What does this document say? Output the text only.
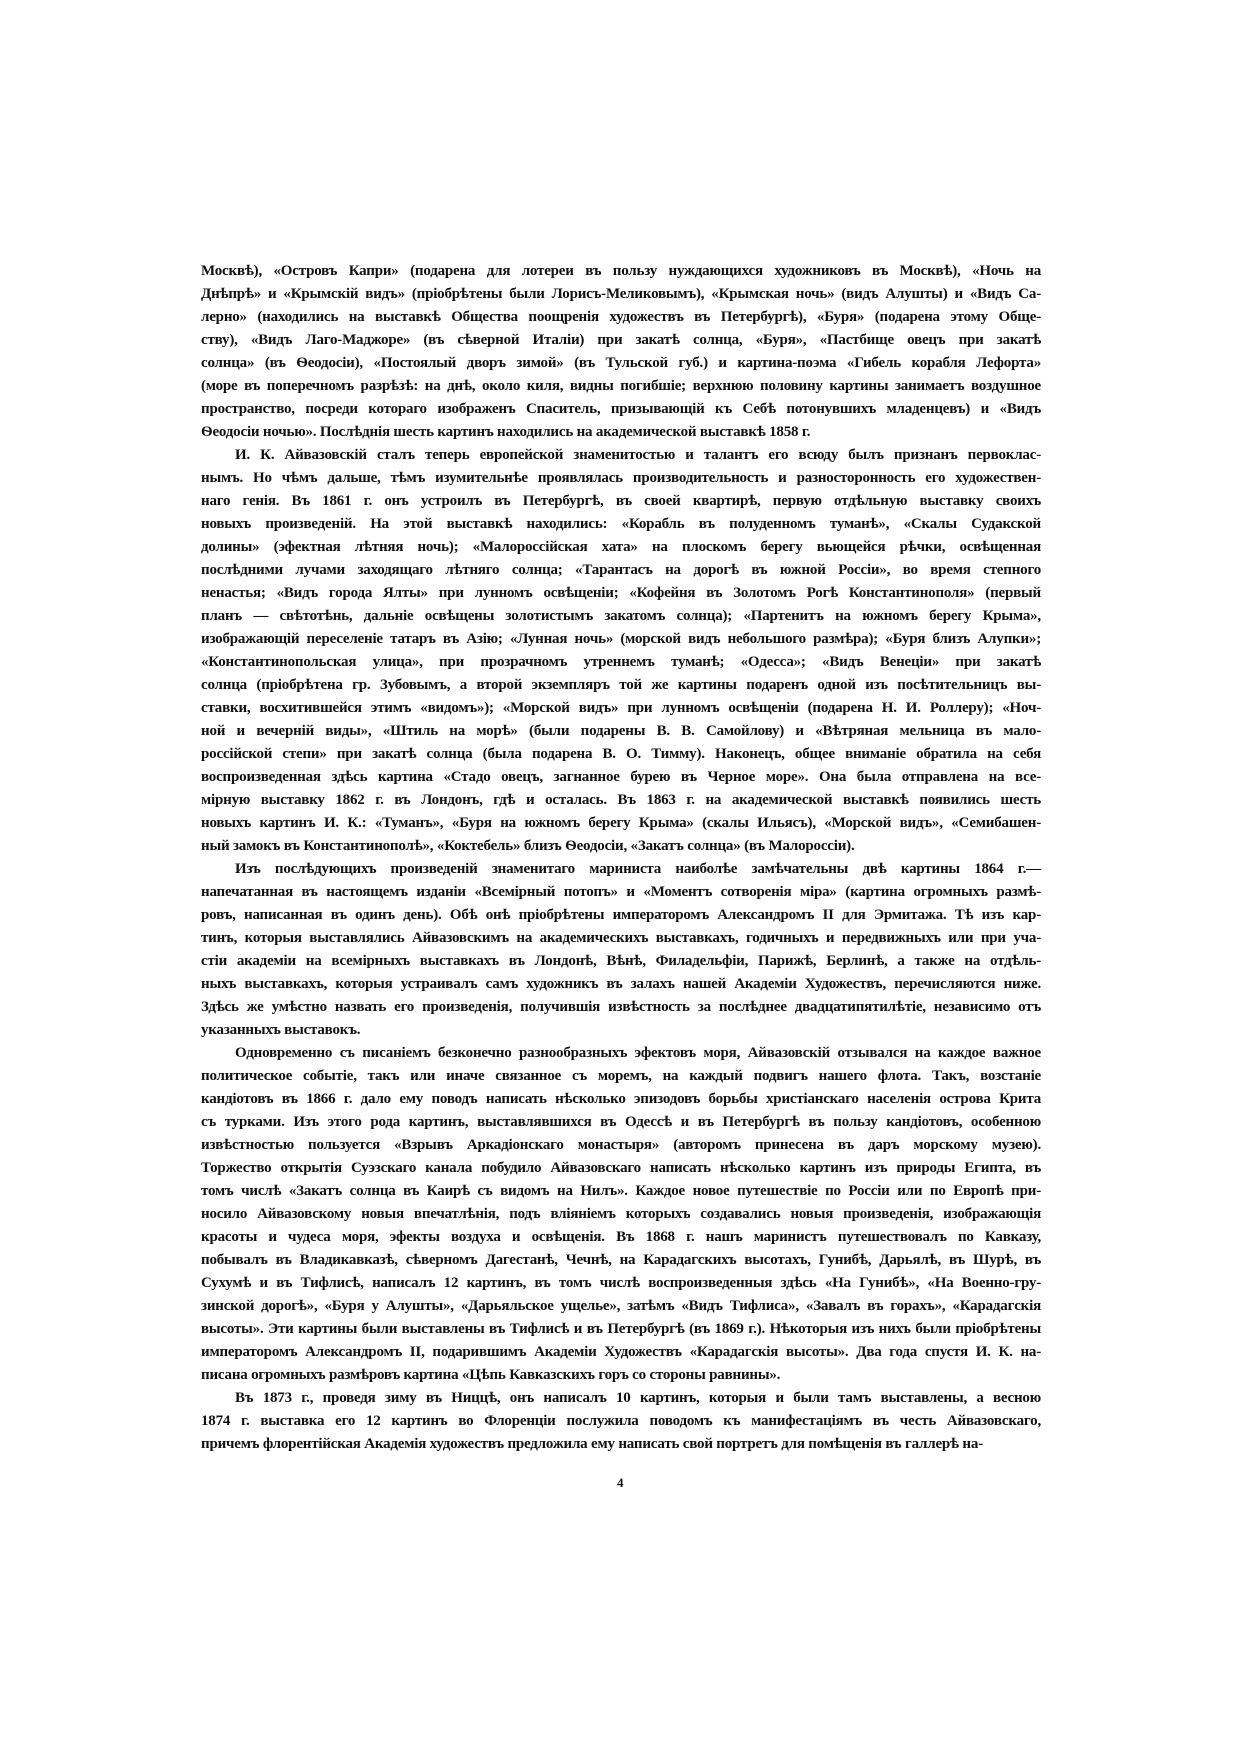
Москвѣ), «Островъ Капри» (подарена для лотереи въ пользу нуждающихся художниковъ въ Москвѣ), «Ночь на
Днѣпрѣ» и «Крымскій видъ» (пріобрѣтены были Лорисъ-Меликовымъ), «Крымская ночь» (видъ Алушты) и «Видъ Са-
лерно» (находились на выставкѣ Общества поощренія художествъ въ Петербургѣ), «Буря» (подарена этому Обще-
ству), «Видъ Лаго-Маджоре» (въ сѣверной Италіи) при закатѣ солнца, «Буря», «Пастбище овецъ при закатѣ
солнца» (въ Ѳеодосіи), «Постоялый дворъ зимой» (въ Тульской губ.) и картина-поэма «Гибель корабля Лефорта»
(море въ поперечномъ разрѣзѣ: на днѣ, около киля, видны погибшіе; верхнюю половину картины занимаетъ воздушное
пространство, посреди котораго изображенъ Спаситель, призывающій къ Себѣ потонувшихъ младенцевъ) и «Видъ
Ѳеодосіи ночью». Послѣднія шесть картинъ находились на академической выставкѣ 1858 г.
И. К. Айвазовскій сталъ теперь европейской знаменитостью и талантъ его всюду былъ признанъ первоклас-
нымъ. Но чѣмъ дальше, тѣмъ изумительнѣе проявлялась производительность и разносторонность его художествен-
наго генія. Въ 1861 г. онъ устроилъ въ Петербургѣ, въ своей квартирѣ, первую отдѣльную выставку своихъ
новыхъ произведеній. На этой выставкѣ находились: «Корабль въ полуденномъ туманѣ», «Скалы Судакской
долины» (эфектная лѣтняя ночь); «Малороссійская хата» на плоскомъ берегу вьющейся рѣчки, освѣщенная
послѣдними лучами заходящаго лѣтняго солнца; «Тарантасъ на дорогѣ въ южной Россіи», во время степного
ненастья; «Видъ города Ялты» при лунномъ освѣщеніи; «Кофейня въ Золотомъ Рогѣ Константинополя» (первый
планъ — свѣтотѣнь, дальніе освѣщены золотистымъ закатомъ солнца); «Партенитъ на южномъ берегу Крыма»,
изображающій переселеніе татаръ въ Азію; «Лунная ночь» (морской видъ небольшого размѣра); «Буря близъ Алупки»;
«Константинопольская улица», при прозрачномъ утреннемъ туманѣ; «Одесса»; «Видъ Венеціи» при закатѣ
солнца (пріобрѣтена гр. Зубовымъ, а второй экземпляръ той же картины подаренъ одной изъ посѣтительницъ вы-
ставки, восхитившейся этимъ «видомъ»); «Морской видъ» при лунномъ освѣщеніи (подарена Н. И. Роллеру); «Ноч-
ной и вечерній виды», «Штиль на морѣ» (были подарены В. В. Самойлову) и «Вѣтряная мельница въ мало-
россійской степи» при закатѣ солнца (была подарена В. О. Тимму). Наконецъ, общее вниманіе обратила на себя
воспроизведенная здѣсь картина «Стадо овецъ, загнанное бурею въ Черное море». Она была отправлена на все-
мірную выставку 1862 г. въ Лондонъ, гдѣ и осталась. Въ 1863 г. на академической выставкѣ появились шесть
новыхъ картинъ И. К.: «Туманъ», «Буря на южномъ берегу Крыма» (скалы Ильясъ), «Морской видъ», «Семибашен-
ный замокъ въ Константинополѣ», «Коктебель» близъ Ѳеодосіи, «Закатъ солнца» (въ Малороссіи).
Изъ послѣдующихъ произведеній знаменитаго мариниста наиболѣе замѣчательны двѣ картины 1864 г.—
напечатанная въ настоящемъ изданіи «Всемірный потопъ» и «Моментъ сотворенія міра» (картина огромныхъ размѣ-
ровъ, написанная въ одинъ день). Обѣ онѣ пріобрѣтены императоромъ Александромъ II для Эрмитажа. Тѣ изъ кар-
тинъ, которыя выставлялись Айвазовскимъ на академическихъ выставкахъ, годичныхъ и передвижныхъ или при уча-
стіи академіи на всемірныхъ выставкахъ въ Лондонѣ, Вѣнѣ, Филадельфіи, Парижѣ, Берлинѣ, а также на отдѣль-
ныхъ выставкахъ, которыя устраивалъ самъ художникъ въ залахъ нашей Академіи Художествъ, перечисляются ниже.
Здѣсь же умѣстно назвать его произведенія, получившія извѣстность за послѣднее двадцатипятилѣтіе, независимо отъ
указанныхъ выставокъ.
Одновременно съ писаніемъ безконечно разнообразныхъ эфектовъ моря, Айвазовскій отзывался на каждое важное
политическое событіе, такъ или иначе связанное съ моремъ, на каждый подвигъ нашего флота. Такъ, возстаніе
кандіотовъ въ 1866 г. дало ему поводъ написать нѣсколько эпизодовъ борьбы христіанскаго населенія острова Крита
съ турками. Изъ этого рода картинъ, выставлявшихся въ Одессѣ и въ Петербургѣ въ пользу кандіотовъ, особенною
извѣстностью пользуется «Взрывъ Аркадіонскаго монастыря» (авторомъ принесена въ даръ морскому музею).
Торжество открытія Суэзскаго канала побудило Айвазовскаго написать нѣсколько картинъ изъ природы Египта, въ
томъ числѣ «Закатъ солнца въ Каирѣ съ видомъ на Нилъ». Каждое новое путешествіе по Россіи или по Европѣ при-
носило Айвазовскому новыя впечатлѣнія, подъ вліяніемъ которыхъ создавались новыя произведенія, изображающія
красоты и чудеса моря, эфекты воздуха и освѣщенія. Въ 1868 г. нашъ маринистъ путешествовалъ по Кавказу,
побывалъ въ Владикавказѣ, сѣверномъ Дагестанѣ, Чечнѣ, на Карадагскихъ высотахъ, Гунибѣ, Дарьялѣ, въ Шурѣ, въ
Сухумѣ и въ Тифлисѣ, написалъ 12 картинъ, въ томъ числѣ воспроизведенныя здѣсь «На Гунибѣ», «На Военно-гру-
зинской дорогѣ», «Буря у Алушты», «Дарьяльское ущелье», затѣмъ «Видъ Тифлиса», «Завалъ въ горахъ», «Карадагскія
высоты». Эти картины были выставлены въ Тифлисѣ и въ Петербургѣ (въ 1869 г.). Нѣкоторыя изъ нихъ были пріобрѣтены
императоромъ Александромъ II, подарившимъ Академіи Художествъ «Карадагскія высоты». Два года спустя И. К. на-
писана огромныхъ размѣровъ картина «Цѣпь Кавказскихъ горъ со стороны равнины».
Въ 1873 г., проведя зиму въ Ниццѣ, онъ написалъ 10 картинъ, которыя и были тамъ выставлены, а весною
1874 г. выставка его 12 картинъ во Флоренціи послужила поводомъ къ манифестаціямъ въ честь Айвазовскаго,
причемъ флорентійская Академія художествъ предложила ему написать свой портретъ для помѣщенія въ галлерѣ на-
4
